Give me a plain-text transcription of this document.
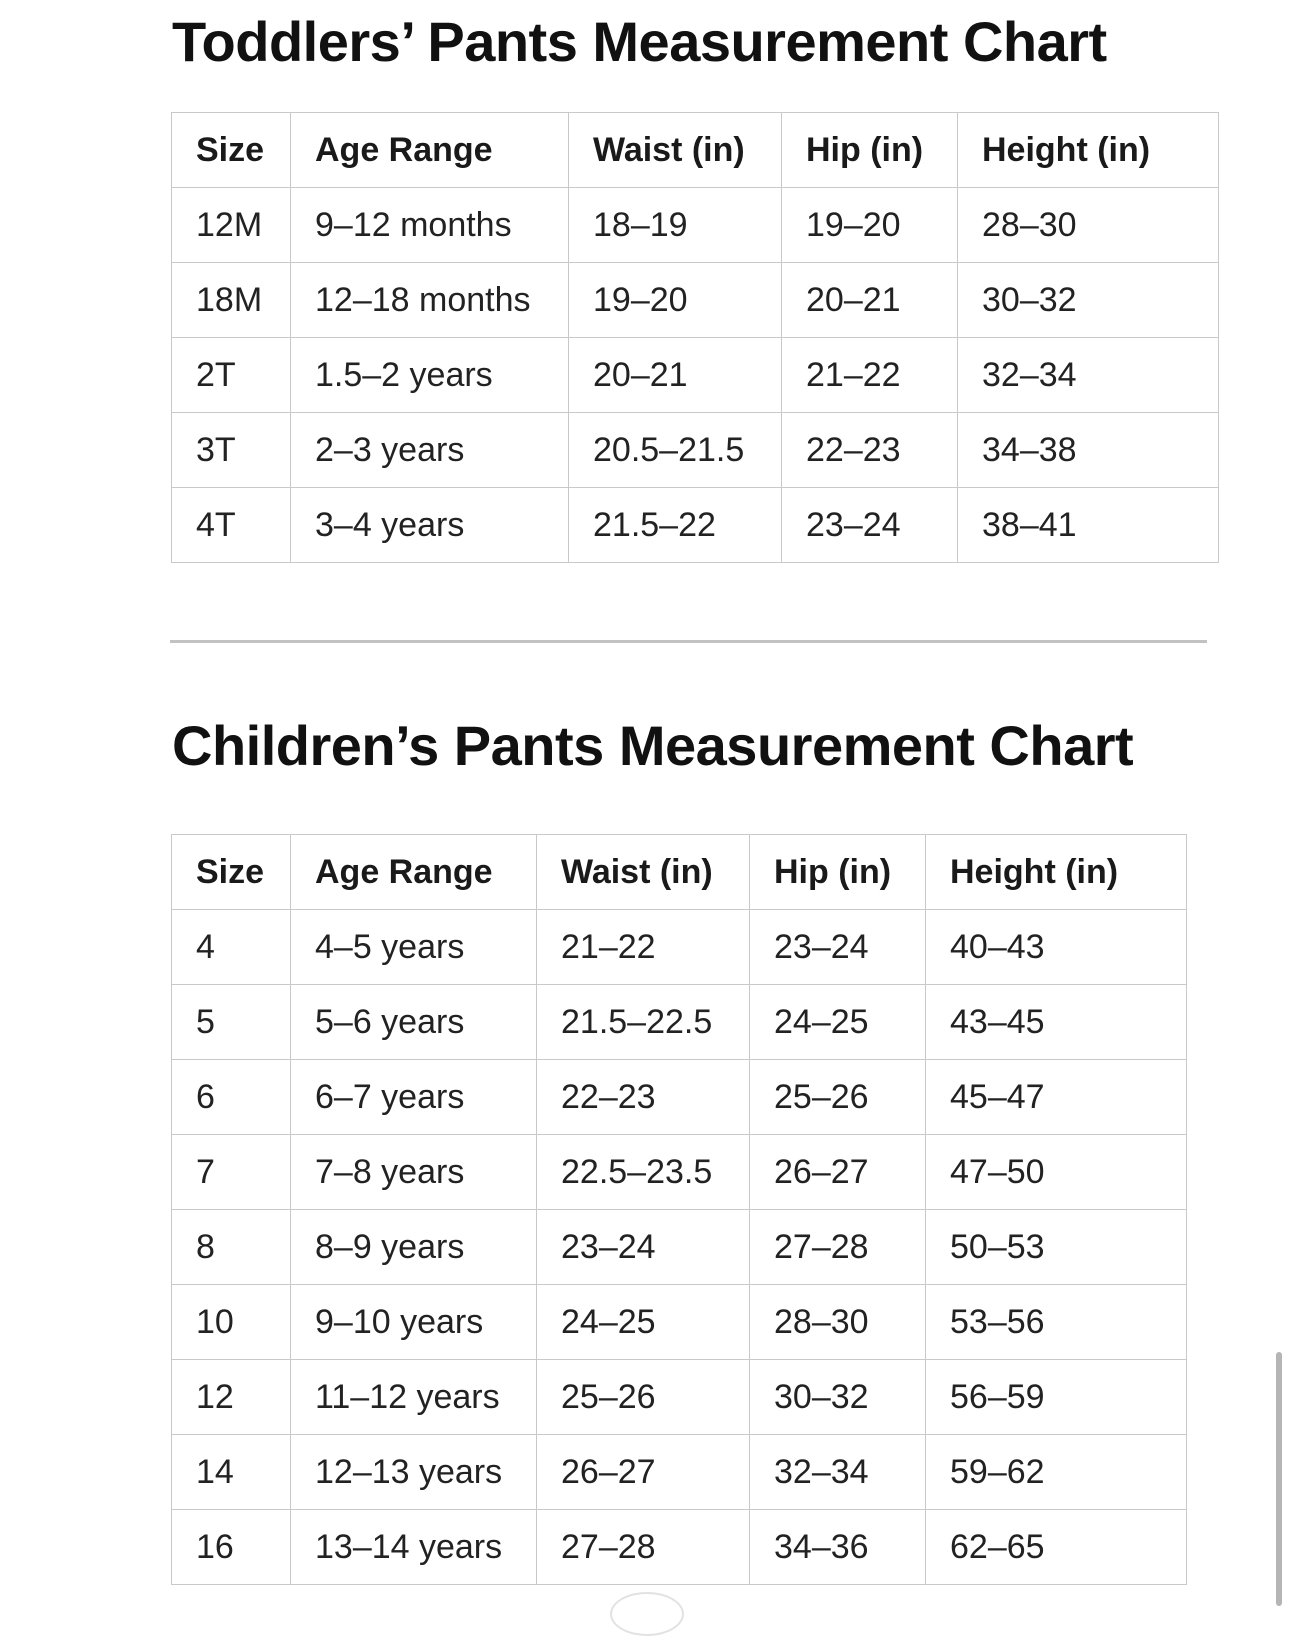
Toddlers’ Pants Measurement Chart
Size	Age Range	Waist (in)	Hip (in)	Height (in)
12M	9–12 months	18–19	19–20	28–30
18M	12–18 months	19–20	20–21	30–32
2T	1.5–2 years	20–21	21–22	32–34
3T	2–3 years	20.5–21.5	22–23	34–38
4T	3–4 years	21.5–22	23–24	38–41
Children’s Pants Measurement Chart
Size	Age Range	Waist (in)	Hip (in)	Height (in)
4	4–5 years	21–22	23–24	40–43
5	5–6 years	21.5–22.5	24–25	43–45
6	6–7 years	22–23	25–26	45–47
7	7–8 years	22.5–23.5	26–27	47–50
8	8–9 years	23–24	27–28	50–53
10	9–10 years	24–25	28–30	53–56
12	11–12 years	25–26	30–32	56–59
14	12–13 years	26–27	32–34	59–62
16	13–14 years	27–28	34–36	62–65
